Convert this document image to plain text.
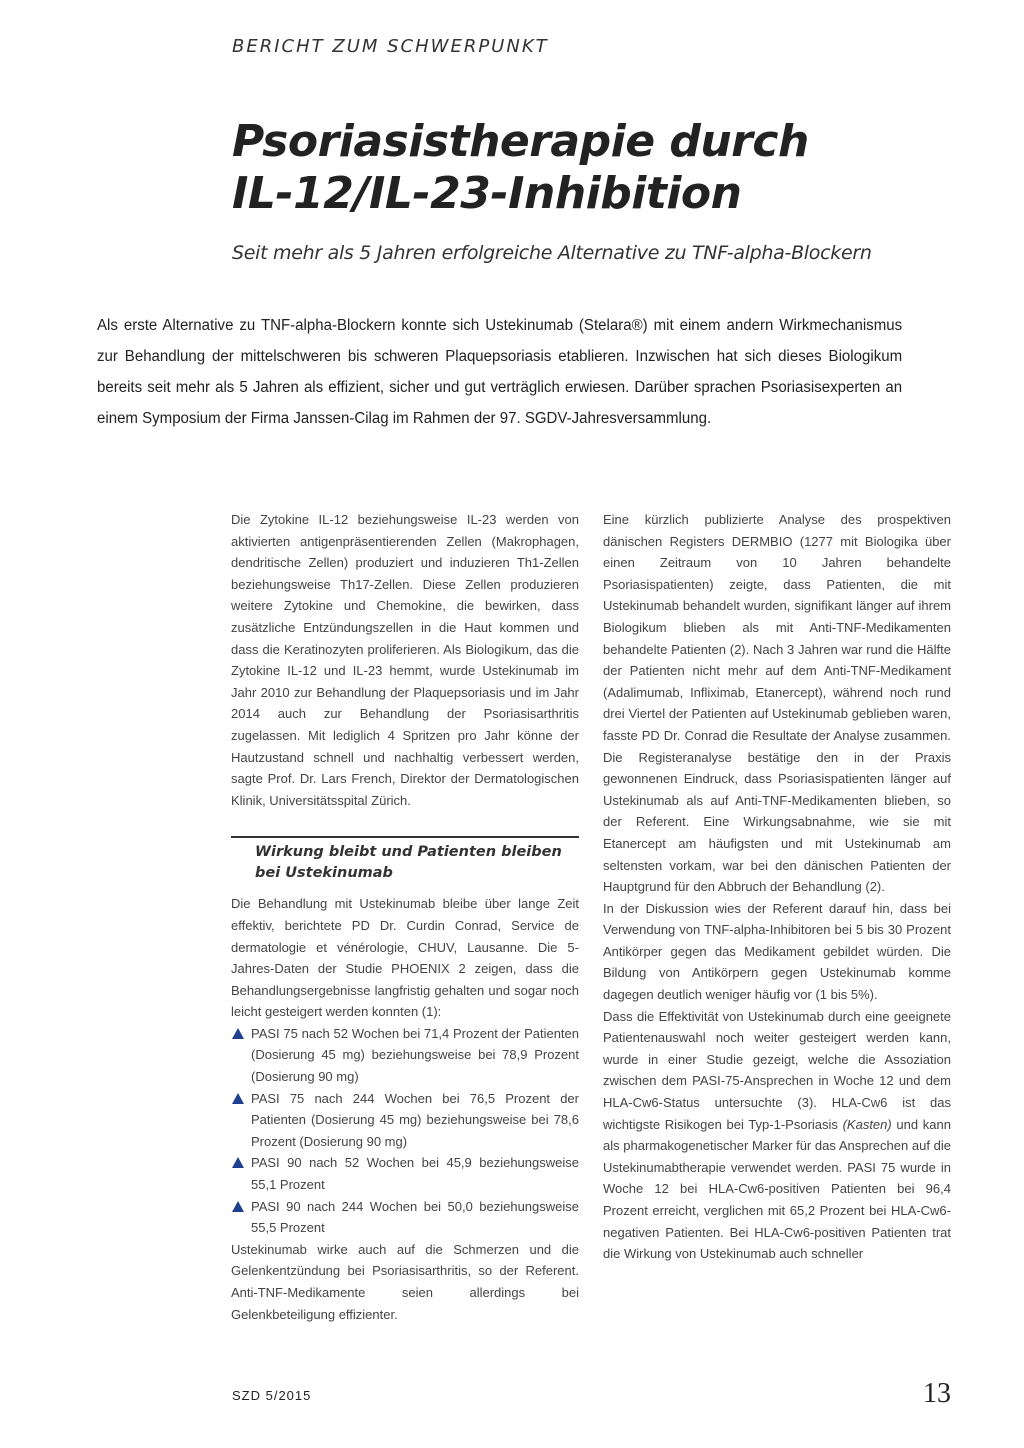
BERICHT ZUM SCHWERPUNKT
Psoriasistherapie durch
IL-12/IL-23-Inhibition

Seit mehr als 5 Jahren erfolgreiche Alternative zu TNF-alpha-Blockern

Als erste Alternative zu TNF-alpha-Blockern konnte sich Ustekinumab (Stelara®) mit einem andern Wirkmechanismus zur Behandlung der mittelschweren bis schweren Plaquepsoriasis etablieren. Inzwischen hat sich dieses Biologikum bereits seit mehr als 5 Jahren als effizient, sicher und gut verträglich erwiesen. Darüber sprachen Psoriasisexperten an einem Symposium der Firma Janssen-Cilag im Rahmen der 97. SGDV-Jahresversammlung.

Die Zytokine IL-12 beziehungsweise IL-23 werden von aktivierten antigenpräsentierenden Zellen (Makrophagen, dendritische Zellen) produziert und induzieren Th1-Zellen beziehungsweise Th17-Zellen. Diese Zellen produzieren weitere Zytokine und Chemokine, die bewirken, dass zusätzliche Entzündungszellen in die Haut kommen und dass die Keratinozyten proliferieren. Als Biologikum, das die Zytokine IL-12 und IL-23 hemmt, wurde Ustekinumab im Jahr 2010 zur Behandlung der Plaquepsoriasis und im Jahr 2014 auch zur Behandlung der Psoriasisarthritis zugelassen. Mit lediglich 4 Spritzen pro Jahr könne der Hautzustand schnell und nachhaltig verbessert werden, sagte Prof. Dr. Lars French, Direktor der Dermatologischen Klinik, Universitätsspital Zürich.

Wirkung bleibt und Patienten bleiben bei Ustekinumab

Die Behandlung mit Ustekinumab bleibe über lange Zeit effektiv, berichtete PD Dr. Curdin Conrad, Service de dermatologie et vénérologie, CHUV, Lausanne. Die 5-Jahres-Daten der Studie PHOENIX 2 zeigen, dass die Behandlungsergebnisse langfristig gehalten und sogar noch leicht gesteigert werden konnten (1):

PASI 75 nach 52 Wochen bei 71,4 Prozent der Patienten (Dosierung 45 mg) beziehungsweise bei 78,9 Prozent (Dosierung 90 mg)
PASI 75 nach 244 Wochen bei 76,5 Prozent der Patienten (Dosierung 45 mg) beziehungsweise bei 78,6 Prozent (Dosierung 90 mg)
PASI 90 nach 52 Wochen bei 45,9 beziehungsweise 55,1 Prozent
PASI 90 nach 244 Wochen bei 50,0 beziehungsweise 55,5 Prozent

Ustekinumab wirke auch auf die Schmerzen und die Gelenkentzündung bei Psoriasisarthritis, so der Referent. Anti-TNF-Medikamente seien allerdings bei Gelenkbeteiligung effizienter.

Eine kürzlich publizierte Analyse des prospektiven dänischen Registers DERMBIO (1277 mit Biologika über einen Zeitraum von 10 Jahren behandelte Psoriasispatienten) zeigte, dass Patienten, die mit Ustekinumab behandelt wurden, signifikant länger auf ihrem Biologikum blieben als mit Anti-TNF-Medikamenten behandelte Patienten (2). Nach 3 Jahren war rund die Hälfte der Patienten nicht mehr auf dem Anti-TNF-Medikament (Adalimumab, Infliximab, Etanercept), während noch rund drei Viertel der Patienten auf Ustekinumab geblieben waren, fasste PD Dr. Conrad die Resultate der Analyse zusammen. Die Registeranalyse bestätige den in der Praxis gewonnenen Eindruck, dass Psoriasispatienten länger auf Ustekinumab als auf Anti-TNF-Medikamenten blieben, so der Referent. Eine Wirkungsabnahme, wie sie mit Etanercept am häufigsten und mit Ustekinumab am seltensten vorkam, war bei den dänischen Patienten der Hauptgrund für den Abbruch der Behandlung (2).

In der Diskussion wies der Referent darauf hin, dass bei Verwendung von TNF-alpha-Inhibitoren bei 5 bis 30 Prozent Antikörper gegen das Medikament gebildet würden. Die Bildung von Antikörpern gegen Ustekinumab komme dagegen deutlich weniger häufig vor (1 bis 5%).

Dass die Effektivität von Ustekinumab durch eine geeignete Patientenauswahl noch weiter gesteigert werden kann, wurde in einer Studie gezeigt, welche die Assoziation zwischen dem PASI-75-Ansprechen in Woche 12 und dem HLA-Cw6-Status untersuchte (3). HLA-Cw6 ist das wichtigste Risikogen bei Typ-1-Psoriasis (Kasten) und kann als pharmakogenetischer Marker für das Ansprechen auf die Ustekinumabtherapie verwendet werden. PASI 75 wurde in Woche 12 bei HLA-Cw6-positiven Patienten bei 96,4 Prozent erreicht, verglichen mit 65,2 Prozent bei HLA-Cw6-negativen Patienten. Bei HLA-Cw6-positiven Patienten trat die Wirkung von Ustekinumab auch schneller

SZD 5/2015	13
